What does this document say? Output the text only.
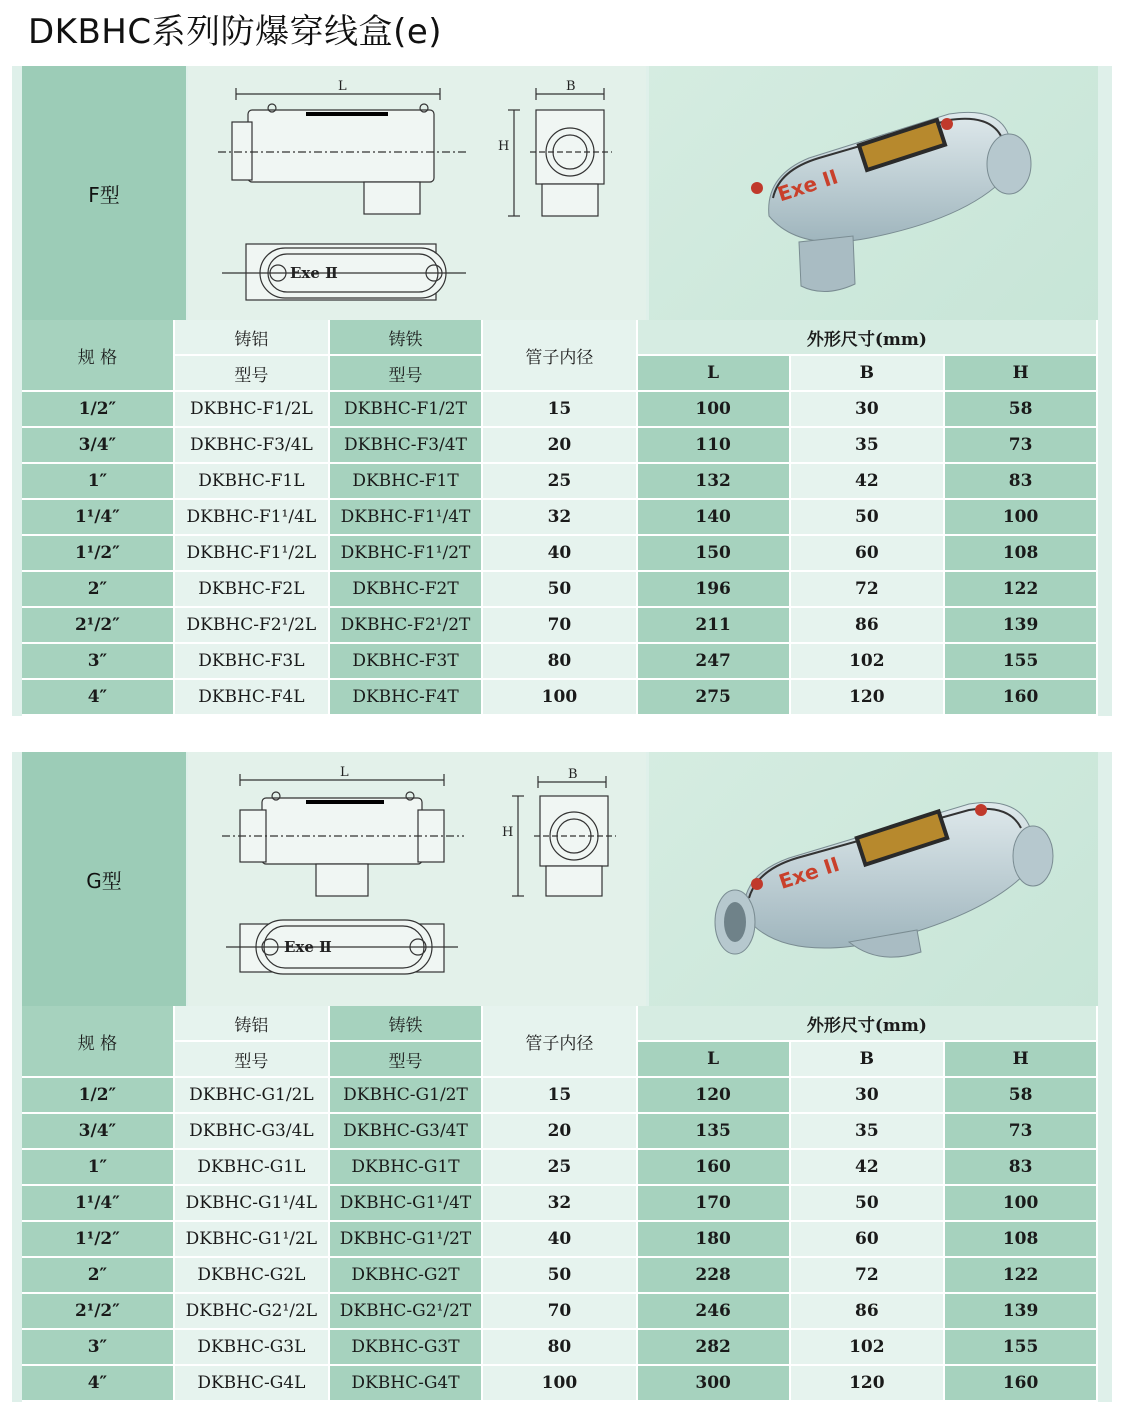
DKBHC系列防爆穿线盒(e)
F型
L	B
H
Exe Ⅱ
Exe II
规 格	铸铝	铸铁	管子内径	外形尺寸(mm)		
	型号	型号		L	B	H
1/2″	DKBHC-F1/2L	DKBHC-F1/2T	15	100	30	58
3/4″	DKBHC-F3/4L	DKBHC-F3/4T	20	110	35	73
1″	DKBHC-F1L	DKBHC-F1T	25	132	42	83
1¹/4″	DKBHC-F1¹/4L	DKBHC-F1¹/4T	32	140	50	100
1¹/2″	DKBHC-F1¹/2L	DKBHC-F1¹/2T	40	150	60	108
2″	DKBHC-F2L	DKBHC-F2T	50	196	72	122
2¹/2″	DKBHC-F2¹/2L	DKBHC-F2¹/2T	70	211	86	139
3″	DKBHC-F3L	DKBHC-F3T	80	247	102	155
4″	DKBHC-F4L	DKBHC-F4T	100	275	120	160
G型
L	B
H
Exe Ⅱ
Exe II
规 格	铸铝	铸铁	管子内径	外形尺寸(mm)		
	型号	型号		L	B	H
1/2″	DKBHC-G1/2L	DKBHC-G1/2T	15	120	30	58
3/4″	DKBHC-G3/4L	DKBHC-G3/4T	20	135	35	73
1″	DKBHC-G1L	DKBHC-G1T	25	160	42	83
1¹/4″	DKBHC-G1¹/4L	DKBHC-G1¹/4T	32	170	50	100
1¹/2″	DKBHC-G1¹/2L	DKBHC-G1¹/2T	40	180	60	108
2″	DKBHC-G2L	DKBHC-G2T	50	228	72	122
2¹/2″	DKBHC-G2¹/2L	DKBHC-G2¹/2T	70	246	86	139
3″	DKBHC-G3L	DKBHC-G3T	80	282	102	155
4″	DKBHC-G4L	DKBHC-G4T	100	300	120	160
